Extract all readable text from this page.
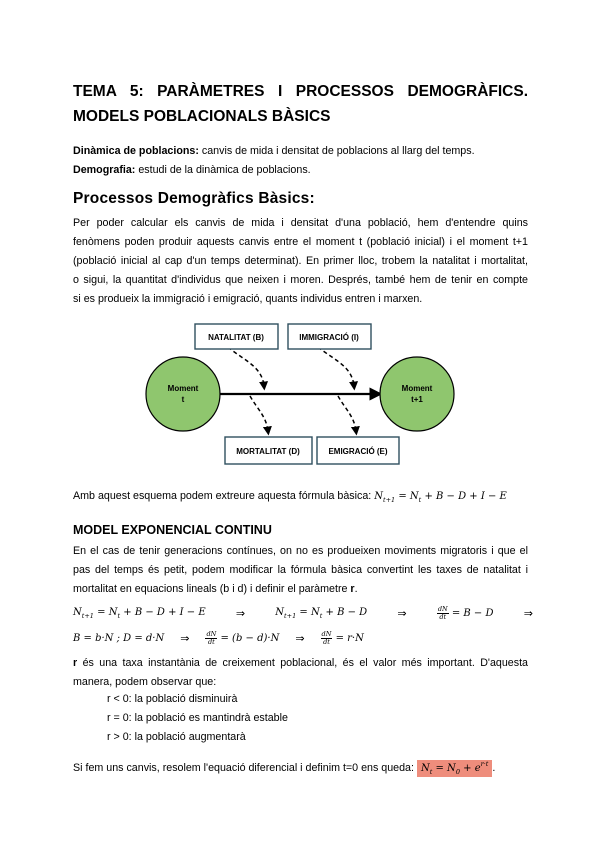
TEMA 5: PARÀMETRES I PROCESSOS DEMOGRÀFICS.
MODELS POBLACIONALS BÀSICS
Dinàmica de poblacions: canvis de mida i densitat de poblacions al llarg del temps.
Demografia: estudi de la dinàmica de poblacions.
Processos Demogràfics Bàsics:
Per poder calcular els canvis de mida i densitat d'una població, hem d'entendre quins
fenòmens poden produir aquests canvis entre el moment t (població inicial) i el moment t+1
(població inicial al cap d'un temps determinat). En primer lloc, trobem la natalitat i mortalitat,
o sigui, la quantitat d'individus que neixen i moren. Després, també hem de tenir en compte
si es produeix la immigració i emigració, quants individus entren i marxen.
Moment
t
Moment
t+1
NATALITAT (B)	IMMIGRACIÓ (I)
MORTALITAT (D)	EMIGRACIÓ (E)
Amb aquest esquema podem extreure aquesta fórmula bàsica: $N_{t+1} = N_t + B - D + I - E$
MODEL EXPONENCIAL CONTINU
En el cas de tenir generacions contínues, on no es produeixen moviments migratoris i que el
pas del temps és petit, podem modificar la fórmula bàsica convertint les taxes de natalitat i
mortalitat en equacions lineals (b i d) i definir el paràmetre r.
$N_{t+1} = N_t + B - D + I - E$	⇒	$N_{t+1} = N_t + B - D$	⇒	$\frac{dN}{dt} = B - D$	⇒
B = b·N ; D = d·N ⇒ $\frac{dN}{dt} = (b - d)\cdot N$ ⇒ $\frac{dN}{dt} = r\cdot N$
r és una taxa instantània de creixement poblacional, és el valor més important. D'aquesta
manera, podem observar que:
r < 0: la població disminuirà
r = 0: la població es mantindrà estable
r > 0: la població augmentarà
Si fem uns canvis, resolem l'equació diferencial i definim t=0 ens queda: $N_t = N_0 + e^{r\cdot t}$ .
